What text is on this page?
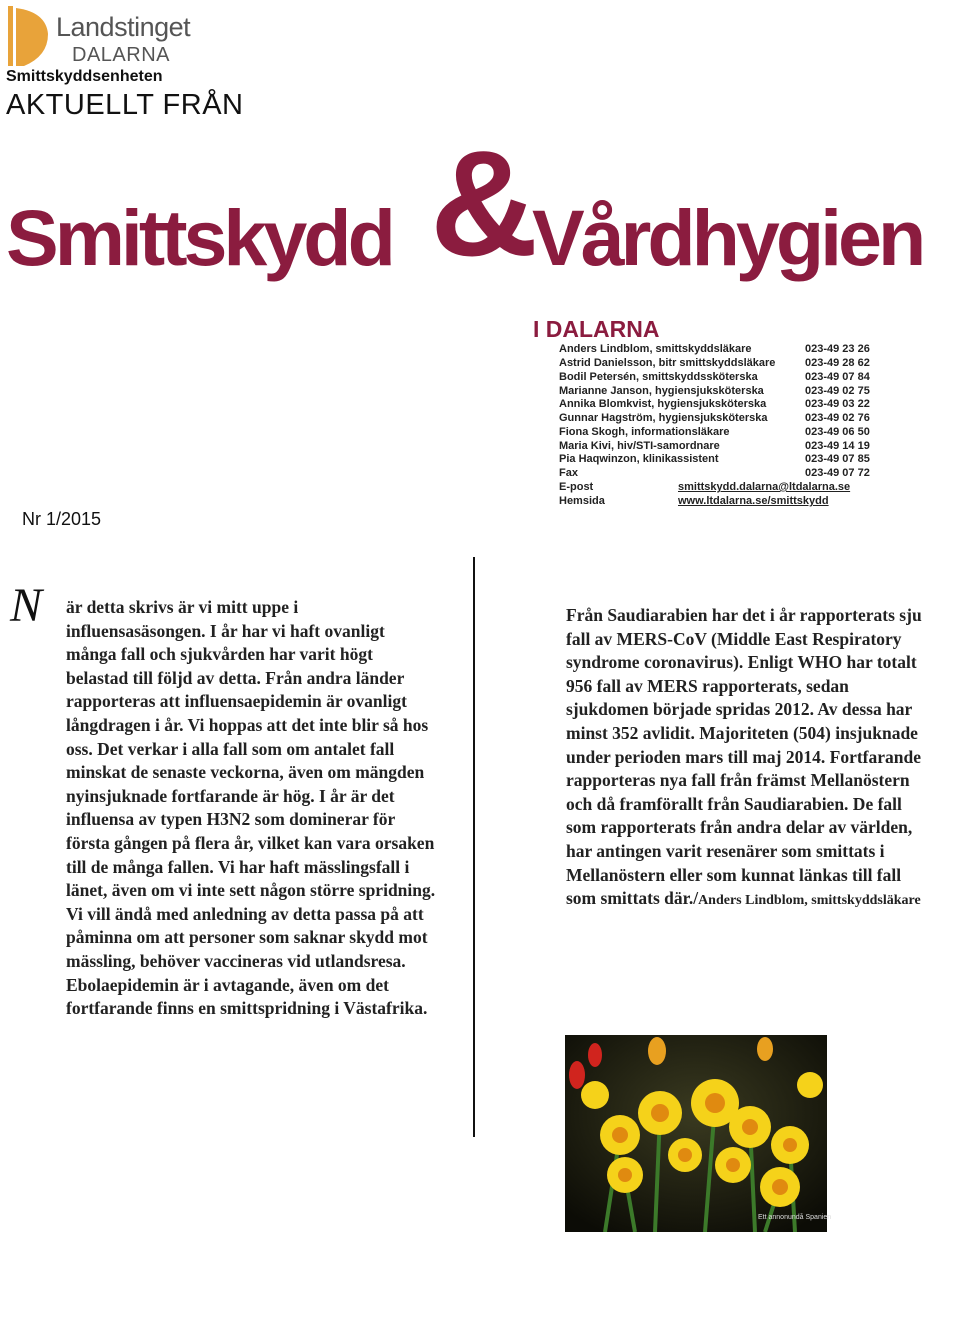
Landstinget
DALARNA
Smittskyddsenheten
AKTUELLT FRÅN
Smittskydd & Vårdhygien
I DALARNA
Anders Lindblom, smittskyddsläkare	023-49 23 26
Astrid Danielsson, bitr smittskyddsläkare	023-49 28 62
Bodil Petersén, smittskyddssköterska	023-49 07 84
Marianne Janson, hygiensjuksköterska	023-49 02 75
Annika Blomkvist, hygiensjuksköterska	023-49 03 22
Gunnar Hagström, hygiensjuksköterska	023-49 02 76
Fiona Skogh, informationsläkare	023-49 06 50
Maria Kivi, hiv/STI-samordnare	023-49 14 19
Pia Haqwinzon, klinikassistent	023-49 07 85
Fax	023-49 07 72
E-post	smittskydd.dalarna@ltdalarna.se
Hemsida	www.ltdalarna.se/smittskydd
Nr 1/2015
N är detta skrivs är vi mitt uppe i influensasäsongen. I år har vi haft ovanligt många fall och sjukvården har varit högt belastad till följd av detta. Från andra länder rapporteras att influensaepidemin är ovanligt långdragen i år. Vi hoppas att det inte blir så hos oss. Det verkar i alla fall som om antalet fall minskat de senaste veckorna, även om mängden nyinsjuknade fortfarande är hög. I år är det influensa av typen H3N2 som dominerar för första gången på flera år, vilket kan vara orsaken till de många fallen. Vi har haft mässlingsfall i länet, även om vi inte sett någon större spridning. Vi vill ändå med anledning av detta passa på att påminna om att personer som saknar skydd mot mässling, behöver vaccineras vid utlandsresa. Ebolaepidemin är i avtagande, även om det fortfarande finns en smittspridning i Västafrika.
Från Saudiarabien har det i år rapporterats sju fall av MERS-CoV (Middle East Respiratory syndrome coronavirus). Enligt WHO har totalt 956 fall av MERS rapporterats, sedan sjukdomen började spridas 2012. Av dessa har minst 352 avlidit. Majoriteten (504) insjuknade under perioden mars till maj 2014. Fortfarande rapporteras nya fall från främst Mellanöstern och då framförallt från Saudiarabien. De fall som rapporterats från andra delar av världen, har antingen varit resenärer som smittats i Mellanöstern eller som kunnat länkas till fall som smittats där./Anders Lindblom, smittskyddsläkare
Ett annonundå Spanien
